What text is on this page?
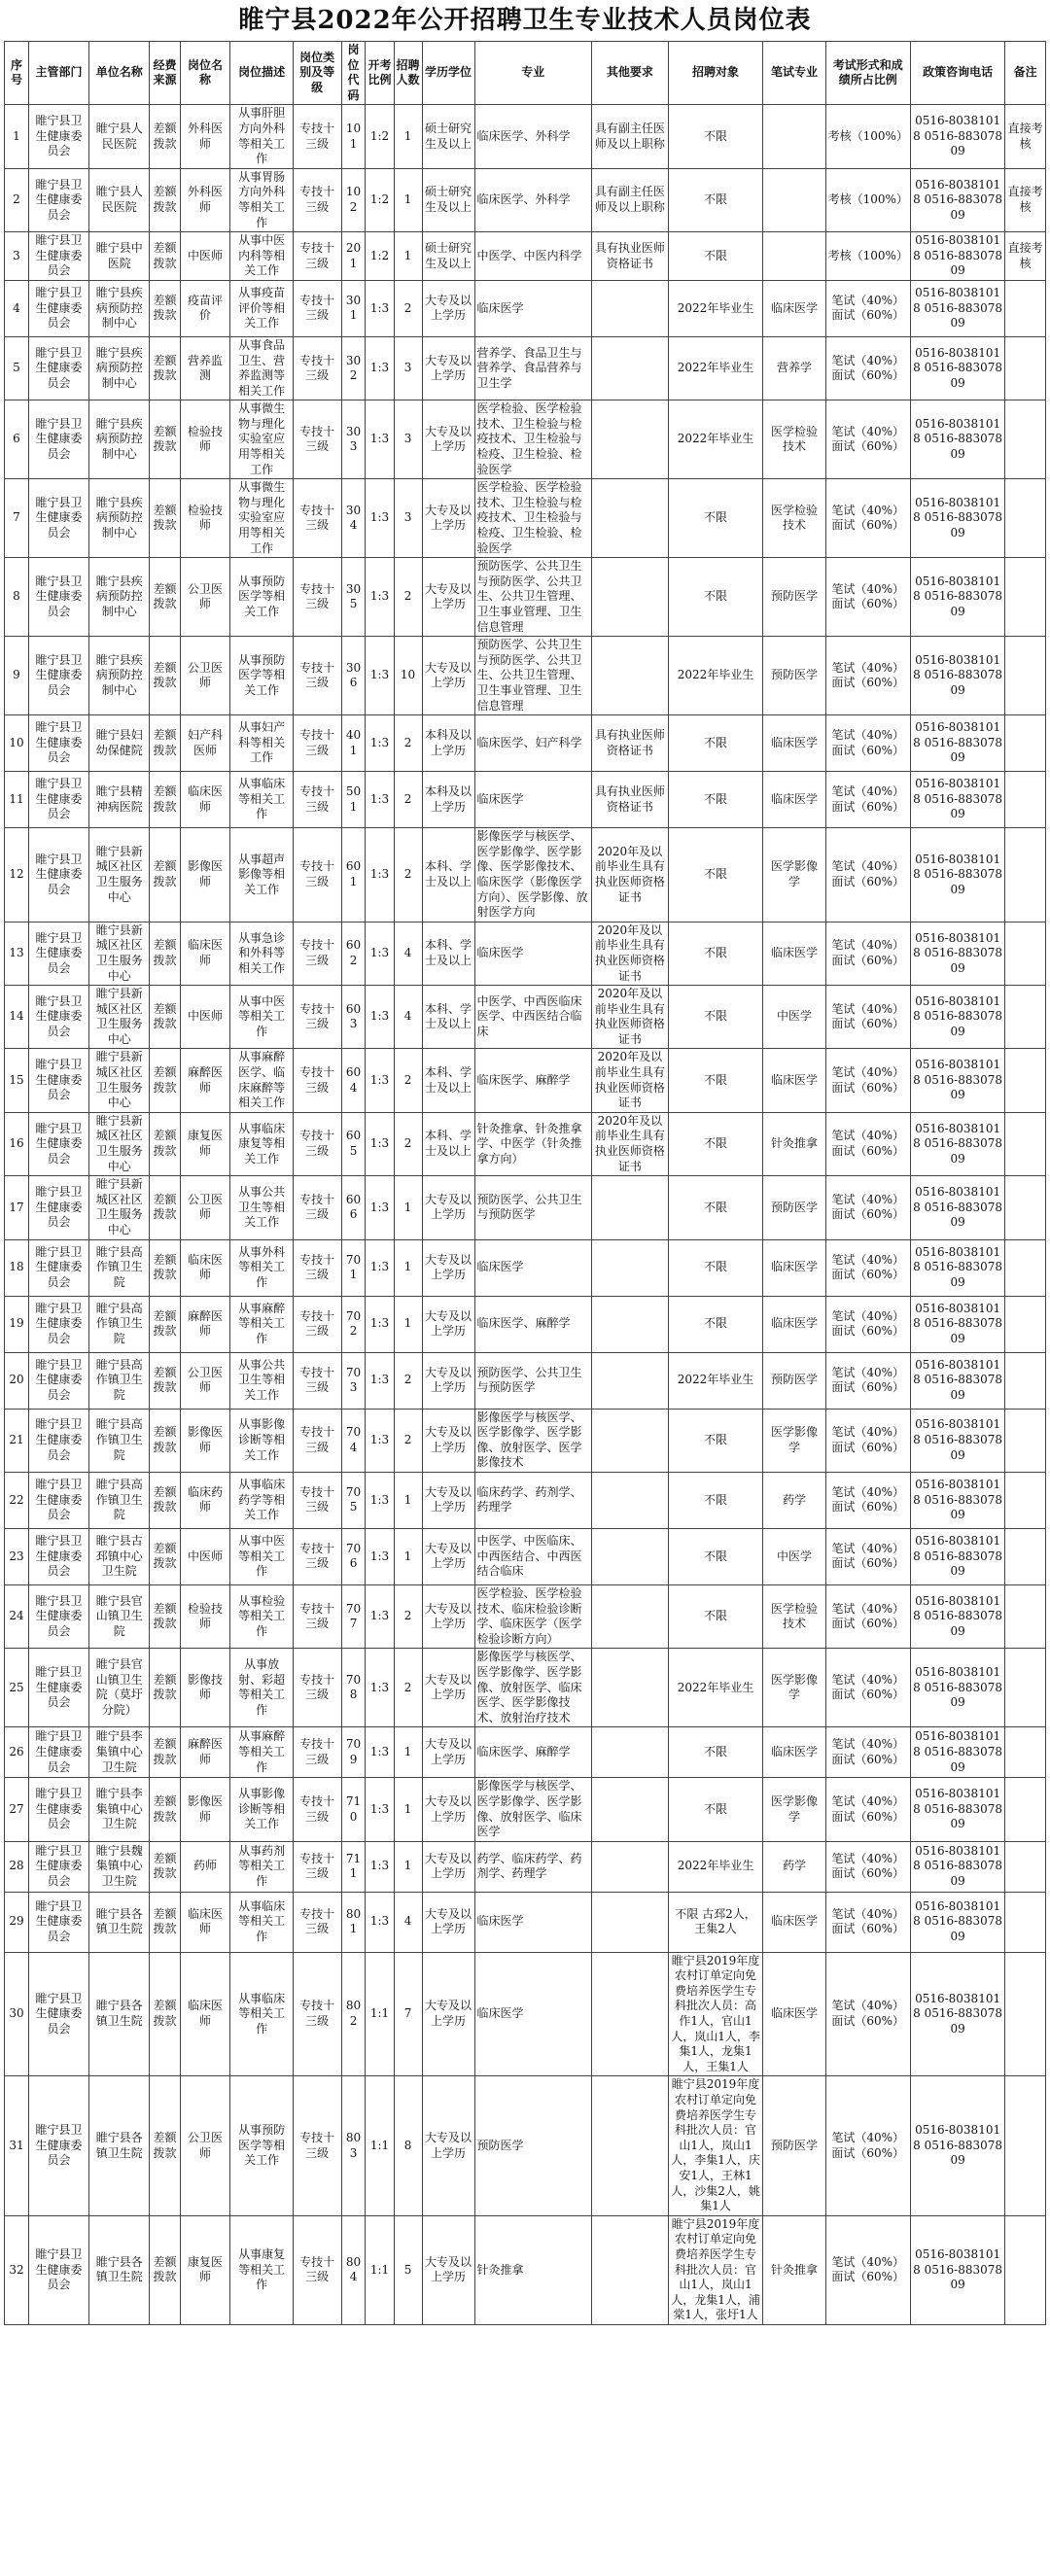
睢宁县2022年公开招聘卫生专业技术人员岗位表
序号	主管部门	单位名称	经费来源	岗位名称	岗位描述	岗位类别及等级	岗位代码	开考比例	招聘人数	学历学位	专业	其他要求	招聘对象	笔试专业	考试形式和成绩所占比例	政策咨询电话	备注
1	睢宁县卫生健康委员会	睢宁县人民医院	差额拨款	外科医师	从事肝胆方向外科等相关工作	专技十三级	101	1:2	1	硕士研究生及以上	临床医学、外科学	具有副主任医师及以上职称	不限		考核（100%）	0516-80381018 0516-88307809	直接考核
2	睢宁县卫生健康委员会	睢宁县人民医院	差额拨款	外科医师	从事胃肠方向外科等相关工作	专技十三级	102	1:2	1	硕士研究生及以上	临床医学、外科学	具有副主任医师及以上职称	不限		考核（100%）	0516-80381018 0516-88307809	直接考核
3	睢宁县卫生健康委员会	睢宁县中医院	差额拨款	中医师	从事中医内科等相关工作	专技十三级	201	1:2	1	硕士研究生及以上	中医学、中医内科学	具有执业医师资格证书	不限		考核（100%）	0516-80381018 0516-88307809	直接考核
4	睢宁县卫生健康委员会	睢宁县疾病预防控制中心	差额拨款	疫苗评价	从事疫苗评价等相关工作	专技十三级	301	1:3	2	大专及以上学历	临床医学		2022年毕业生	临床医学	笔试（40%）面试（60%）	0516-80381018 0516-88307809	
5	睢宁县卫生健康委员会	睢宁县疾病预防控制中心	差额拨款	营养监测	从事食品卫生、营养监测等相关工作	专技十三级	302	1:3	3	大专及以上学历	营养学、食品卫生与营养学、食品营养与卫生学		2022年毕业生	营养学	笔试（40%）面试（60%）	0516-80381018 0516-88307809	
6	睢宁县卫生健康委员会	睢宁县疾病预防控制中心	差额拨款	检验技师	从事微生物与理化实验室应用等相关工作	专技十三级	303	1:3	3	大专及以上学历	医学检验、医学检验技术、卫生检验与检疫技术、卫生检验与检疫、卫生检验、检验医学		2022年毕业生	医学检验技术	笔试（40%）面试（60%）	0516-80381018 0516-88307809	
7	睢宁县卫生健康委员会	睢宁县疾病预防控制中心	差额拨款	检验技师	从事微生物与理化实验室应用等相关工作	专技十三级	304	1:3	3	大专及以上学历	医学检验、医学检验技术、卫生检验与检疫技术、卫生检验与检疫、卫生检验、检验医学		不限	医学检验技术	笔试（40%）面试（60%）	0516-80381018 0516-88307809	
8	睢宁县卫生健康委员会	睢宁县疾病预防控制中心	差额拨款	公卫医师	从事预防医学等相关工作	专技十三级	305	1:3	2	大专及以上学历	预防医学、公共卫生与预防医学、公共卫生、公共卫生管理、卫生事业管理、卫生信息管理		不限	预防医学	笔试（40%）面试（60%）	0516-80381018 0516-88307809	
9	睢宁县卫生健康委员会	睢宁县疾病预防控制中心	差额拨款	公卫医师	从事预防医学等相关工作	专技十三级	306	1:3	10	大专及以上学历	预防医学、公共卫生与预防医学、公共卫生、公共卫生管理、卫生事业管理、卫生信息管理		2022年毕业生	预防医学	笔试（40%）面试（60%）	0516-80381018 0516-88307809	
10	睢宁县卫生健康委员会	睢宁县妇幼保健院	差额拨款	妇产科医师	从事妇产科等相关工作	专技十三级	401	1:3	2	本科及以上学历	临床医学、妇产科学	具有执业医师资格证书	不限	临床医学	笔试（40%）面试（60%）	0516-80381018 0516-88307809	
11	睢宁县卫生健康委员会	睢宁县精神病医院	差额拨款	临床医师	从事临床等相关工作	专技十三级	501	1:3	2	本科及以上学历	临床医学	具有执业医师资格证书	不限	临床医学	笔试（40%）面试（60%）	0516-80381018 0516-88307809	
12	睢宁县卫生健康委员会	睢宁县新城区社区卫生服务中心	差额拨款	影像医师	从事超声影像等相关工作	专技十三级	601	1:3	2	本科、学士及以上	影像医学与核医学、医学影像学、医学影像、医学影像技术、临床医学（影像医学方向）、医学影像、放射医学方向	2020年及以前毕业生具有执业医师资格证书	不限	医学影像学	笔试（40%）面试（60%）	0516-80381018 0516-88307809	
13	睢宁县卫生健康委员会	睢宁县新城区社区卫生服务中心	差额拨款	临床医师	从事急诊和外科等相关工作	专技十三级	602	1:3	4	本科、学士及以上	临床医学	2020年及以前毕业生具有执业医师资格证书	不限	临床医学	笔试（40%）面试（60%）	0516-80381018 0516-88307809	
14	睢宁县卫生健康委员会	睢宁县新城区社区卫生服务中心	差额拨款	中医师	从事中医等相关工作	专技十三级	603	1:3	4	本科、学士及以上	中医学、中西医临床医学、中西医结合临床	2020年及以前毕业生具有执业医师资格证书	不限	中医学	笔试（40%）面试（60%）	0516-80381018 0516-88307809	
15	睢宁县卫生健康委员会	睢宁县新城区社区卫生服务中心	差额拨款	麻醉医师	从事麻醉医学、临床麻醉等相关工作	专技十三级	604	1:3	2	本科、学士及以上	临床医学、麻醉学	2020年及以前毕业生具有执业医师资格证书	不限	临床医学	笔试（40%）面试（60%）	0516-80381018 0516-88307809	
16	睢宁县卫生健康委员会	睢宁县新城区社区卫生服务中心	差额拨款	康复医师	从事临床康复等相关工作	专技十三级	605	1:3	2	本科、学士及以上	针灸推拿、针灸推拿学、中医学（针灸推拿方向）	2020年及以前毕业生具有执业医师资格证书	不限	针灸推拿	笔试（40%）面试（60%）	0516-80381018 0516-88307809	
17	睢宁县卫生健康委员会	睢宁县新城区社区卫生服务中心	差额拨款	公卫医师	从事公共卫生等相关工作	专技十三级	606	1:3	1	大专及以上学历	预防医学、公共卫生与预防医学		不限	预防医学	笔试（40%）面试（60%）	0516-80381018 0516-88307809	
18	睢宁县卫生健康委员会	睢宁县高作镇卫生院	差额拨款	临床医师	从事外科等相关工作	专技十三级	701	1:3	1	大专及以上学历	临床医学		不限	临床医学	笔试（40%）面试（60%）	0516-80381018 0516-88307809	
19	睢宁县卫生健康委员会	睢宁县高作镇卫生院	差额拨款	麻醉医师	从事麻醉等相关工作	专技十三级	702	1:3	1	大专及以上学历	临床医学、麻醉学		不限	临床医学	笔试（40%）面试（60%）	0516-80381018 0516-88307809	
20	睢宁县卫生健康委员会	睢宁县高作镇卫生院	差额拨款	公卫医师	从事公共卫生等相关工作	专技十三级	703	1:3	2	大专及以上学历	预防医学、公共卫生与预防医学		2022年毕业生	预防医学	笔试（40%）面试（60%）	0516-80381018 0516-88307809	
21	睢宁县卫生健康委员会	睢宁县高作镇卫生院	差额拨款	影像医师	从事影像诊断等相关工作	专技十三级	704	1:3	2	大专及以上学历	影像医学与核医学、医学影像学、医学影像、放射医学、医学影像技术		不限	医学影像学	笔试（40%）面试（60%）	0516-80381018 0516-88307809	
22	睢宁县卫生健康委员会	睢宁县高作镇卫生院	差额拨款	临床药师	从事临床药学等相关工作	专技十三级	705	1:3	1	大专及以上学历	临床药学、药剂学、药理学		不限	药学	笔试（40%）面试（60%）	0516-80381018 0516-88307809	
23	睢宁县卫生健康委员会	睢宁县古邳镇中心卫生院	差额拨款	中医师	从事中医等相关工作	专技十三级	706	1:3	1	大专及以上学历	中医学、中医临床、中西医结合、中西医结合临床		不限	中医学	笔试（40%）面试（60%）	0516-80381018 0516-88307809	
24	睢宁县卫生健康委员会	睢宁县官山镇卫生院	差额拨款	检验技师	从事检验等相关工作	专技十三级	707	1:3	2	大专及以上学历	医学检验、医学检验技术、临床检验诊断学、临床医学（医学检验诊断方向）		不限	医学检验技术	笔试（40%）面试（60%）	0516-80381018 0516-88307809	
25	睢宁县卫生健康委员会	睢宁县官山镇卫生院（莫圩分院）	差额拨款	影像技师	从事放射、彩超等相关工作	专技十三级	708	1:3	2	大专及以上学历	影像医学与核医学、医学影像学、医学影像、放射医学、临床医学、医学影像技术、放射治疗技术		2022年毕业生	医学影像学	笔试（40%）面试（60%）	0516-80381018 0516-88307809	
26	睢宁县卫生健康委员会	睢宁县李集镇中心卫生院	差额拨款	麻醉医师	从事麻醉等相关工作	专技十三级	709	1:3	1	大专及以上学历	临床医学、麻醉学		不限	临床医学	笔试（40%）面试（60%）	0516-80381018 0516-88307809	
27	睢宁县卫生健康委员会	睢宁县李集镇中心卫生院	差额拨款	影像医师	从事影像诊断等相关工作	专技十三级	710	1:3	1	大专及以上学历	影像医学与核医学、医学影像学、医学影像、放射医学、临床医学		不限	医学影像学	笔试（40%）面试（60%）	0516-80381018 0516-88307809	
28	睢宁县卫生健康委员会	睢宁县魏集镇中心卫生院	差额拨款	药师	从事药剂等相关工作	专技十三级	711	1:3	1	大专及以上学历	药学、临床药学、药剂学、药理学		2022年毕业生	药学	笔试（40%）面试（60%）	0516-80381018 0516-88307809	
29	睢宁县卫生健康委员会	睢宁县各镇卫生院	差额拨款	临床医师	从事临床等相关工作	专技十三级	801	1:3	4	大专及以上学历	临床医学		不限 古邳2人，王集2人	临床医学	笔试（40%）面试（60%）	0516-80381018 0516-88307809	
30	睢宁县卫生健康委员会	睢宁县各镇卫生院	差额拨款	临床医师	从事临床等相关工作	专技十三级	802	1:1	7	大专及以上学历	临床医学		睢宁县2019年度农村订单定向免费培养医学生专科批次人员：高作1人，官山1人，岚山1人，李集1人，龙集1人，王集1人	临床医学	笔试（40%）面试（60%）	0516-80381018 0516-88307809	
31	睢宁县卫生健康委员会	睢宁县各镇卫生院	差额拨款	公卫医师	从事预防医学等相关工作	专技十三级	803	1:1	8	大专及以上学历	预防医学		睢宁县2019年度农村订单定向免费培养医学生专科批次人员：官山1人，岚山1人，李集1人，庆安1人，王林1人，沙集2人，姚集1人	预防医学	笔试（40%）面试（60%）	0516-80381018 0516-88307809	
32	睢宁县卫生健康委员会	睢宁县各镇卫生院	差额拨款	康复医师	从事康复等相关工作	专技十三级	804	1:1	5	大专及以上学历	针灸推拿		睢宁县2019年度农村订单定向免费培养医学生专科批次人员：官山1人，岚山1人，龙集1人，浦棠1人，张圩1人	针灸推拿	笔试（40%）面试（60%）	0516-80381018 0516-88307809	
